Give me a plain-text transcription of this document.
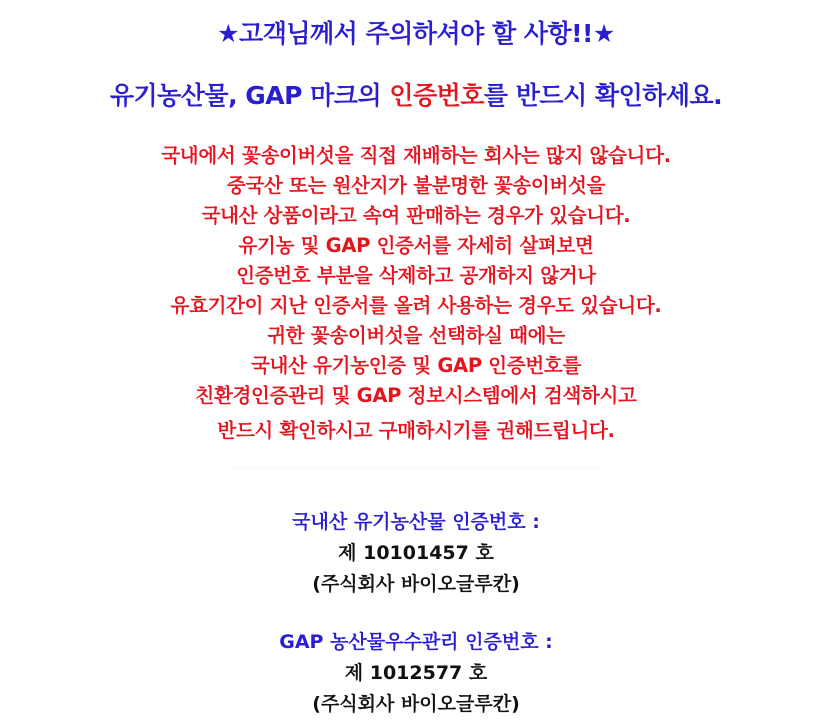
★고객님께서 주의하셔야 할 사항!!★
유기농산물, GAP 마크의 인증번호를 반드시 확인하세요.
국내에서 꽃송이버섯을 직접 재배하는 회사는 많지 않습니다.
중국산 또는 원산지가 불분명한 꽃송이버섯을
국내산 상품이라고 속여 판매하는 경우가 있습니다.
유기농 및 GAP 인증서를 자세히 살펴보면
인증번호 부분을 삭제하고 공개하지 않거나
유효기간이 지난 인증서를 올려 사용하는 경우도 있습니다.
귀한 꽃송이버섯을 선택하실 때에는
국내산 유기농인증 및 GAP 인증번호를
친환경인증관리 및 GAP 정보시스템에서 검색하시고
반드시 확인하시고 구매하시기를 권해드립니다.
국내산 유기농산물 인증번호 :
제 10101457 호
(주식회사 바이오글루칸)
GAP 농산물우수관리 인증번호 :
제 1012577 호
(주식회사 바이오글루칸)
